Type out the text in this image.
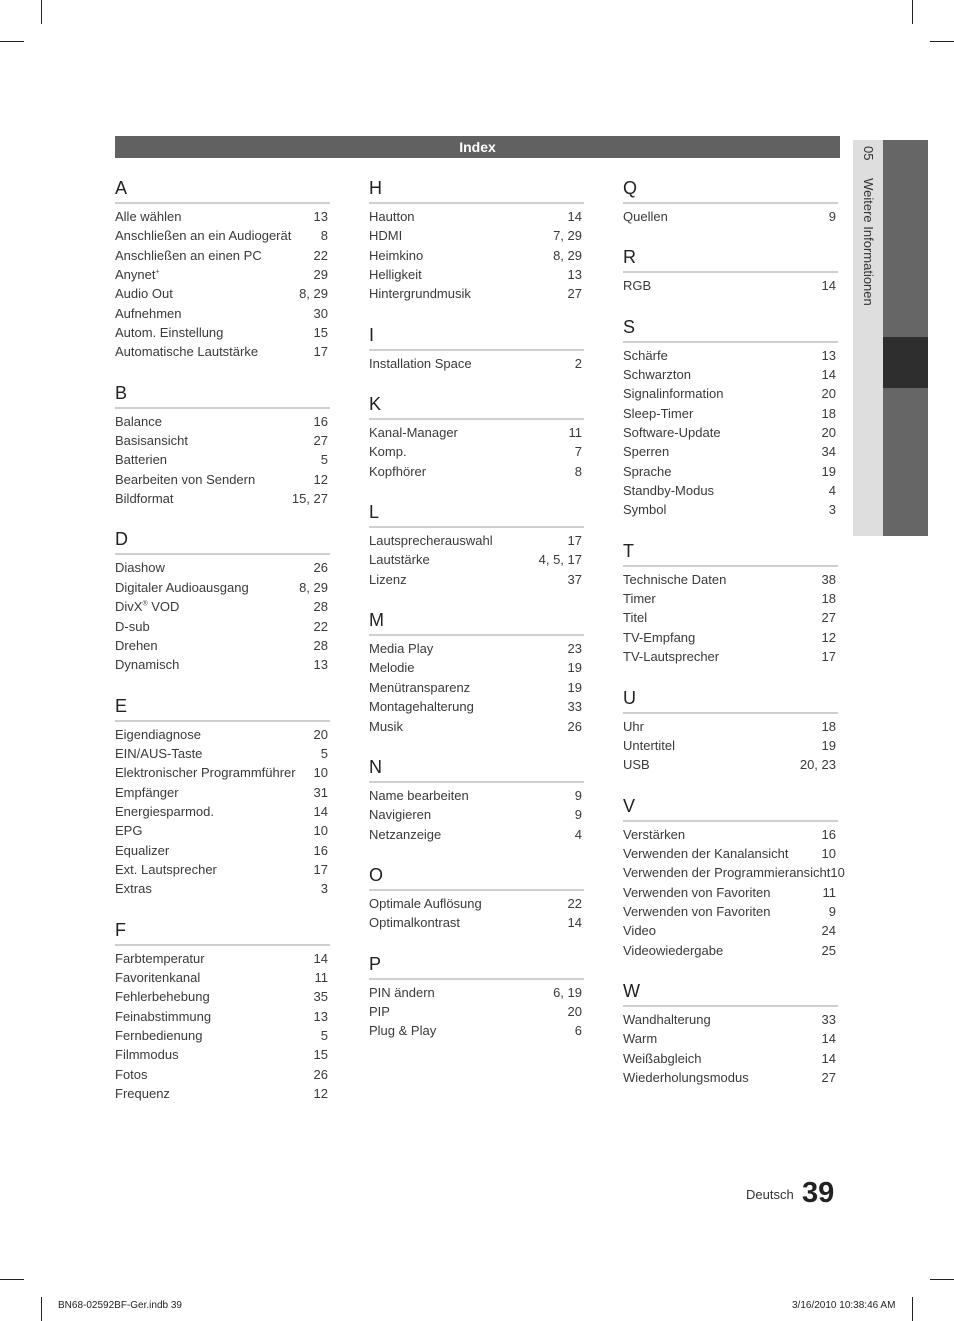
Index
A
Alle wählen	13
Anschließen an ein Audiogerät 8
Anschließen an einen PC	22
Anynet+	29
Audio Out	8, 29
Aufnehmen	30
Autom. Einstellung	15
Automatische Lautstärke	17
B
Balance	16
Basisansicht	27
Batterien	5
Bearbeiten von Sendern	12
Bildformat	15, 27
D
Diashow	26
Digitaler Audioausgang	8, 29
DivX® VOD	28
D-sub	22
Drehen	28
Dynamisch	13
E
Eigendiagnose	20
EIN/AUS-Taste	5
Elektronischer Programmführer 10
Empfänger	31
Energiesparmod.	14
EPG	10
Equalizer	16
Ext. Lautsprecher	17
Extras	3
F
Farbtemperatur	14
Favoritenkanal	11
Fehlerbehebung	35
Feinabstimmung	13
Fernbedienung	5
Filmmodus	15
Fotos	26
Frequenz	12
H
Hautton	14
HDMI	7, 29
Heimkino	8, 29
Helligkeit	13
Hintergrundmusik	27
I
Installation Space	2
K
Kanal-Manager	11
Komp.	7
Kopfhörer	8
L
Lautsprecherauswahl	17
Lautstärke	4, 5, 17
Lizenz	37
M
Media Play	23
Melodie	19
Menütransparenz	19
Montagehalterung	33
Musik	26
N
Name bearbeiten	9
Navigieren	9
Netzanzeige	4
O
Optimale Auflösung	22
Optimalkontrast	14
P
PIN ändern	6, 19
PIP	20
Plug & Play	6
Q
Quellen	9
R
RGB	14
S
Schärfe	13
Schwarzton	14
Signalinformation	20
Sleep-Timer	18
Software-Update	20
Sperren	34
Sprache	19
Standby-Modus	4
Symbol	3
T
Technische Daten	38
Timer	18
Titel	27
TV-Empfang	12
TV-Lautsprecher	17
U
Uhr	18
Untertitel	19
USB	20, 23
V
Verstärken	16
Verwenden der Kanalansicht	10
Verwenden der Programmieransicht 10
Verwenden von Favoriten	11
Verwenden von Favoriten	9
Video	24
Videowiedergabe	25
W
Wandhalterung	33
Warm	14
Weißabgleich	14
Wiederholungsmodus	27
05 Weitere Informationen
Deutsch 39
BN68-02592BF-Ger.indb 39	3/16/2010 10:38:46 AM
